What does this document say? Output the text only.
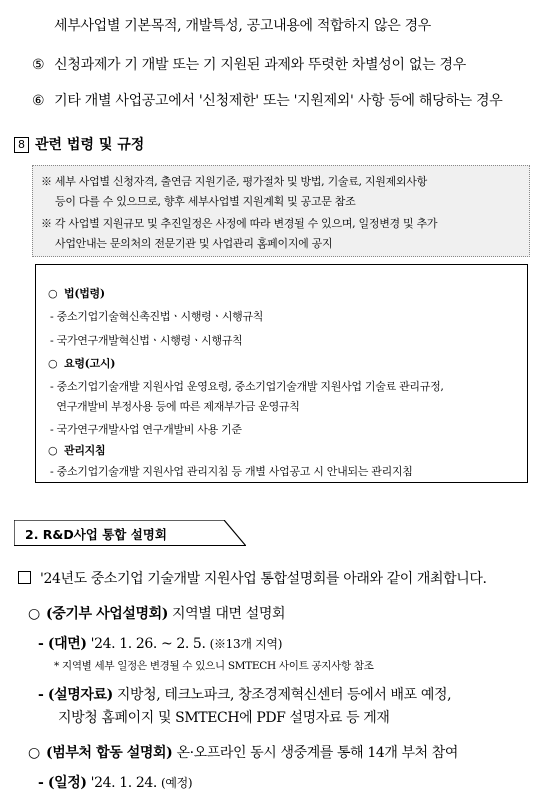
세부사업별 기본목적, 개발특성, 공고내용에 적합하지 않은 경우
⑤ 신청과제가 기 개발 또는 기 지원된 과제와 뚜렷한 차별성이 없는 경우
⑥ 기타 개별 사업공고에서 '신청제한' 또는 '지원제외' 사항 등에 해당하는 경우
8 관련 법령 및 규정
※ 세부 사업별 신청자격, 출연금 지원기준, 평가절차 및 방법, 기술료, 지원제외사항
등이 다를 수 있으므로, 향후 세부사업별 지원계획 및 공고문 참조
※ 각 사업별 지원규모 및 추진일정은 사정에 따라 변경될 수 있으며, 일정변경 및 추가
사업안내는 문의처의 전문기관 및 사업관리 홈페이지에 공지
○ 법(법령)
- 중소기업기술혁신촉진법ㆍ시행령ㆍ시행규칙
- 국가연구개발혁신법ㆍ시행령ㆍ시행규칙
○ 요령(고시)
- 중소기업기술개발 지원사업 운영요령, 중소기업기술개발 지원사업 기술료 관리규정,
연구개발비 부정사용 등에 따른 제재부가금 운영규칙
- 국가연구개발사업 연구개발비 사용 기준
○ 관리지침
- 중소기업기술개발 지원사업 관리지침 등 개별 사업공고 시 안내되는 관리지침
2. R&D사업 통합 설명회
'24년도 중소기업 기술개발 지원사업 통합설명회를 아래와 같이 개최합니다.
○ (중기부 사업설명회) 지역별 대면 설명회
- (대면) '24. 1. 26. ~ 2. 5. (※13개 지역)
* 지역별 세부 일정은 변경될 수 있으니 SMTECH 사이트 공지사항 참조
- (설명자료) 지방청, 테크노파크, 창조경제혁신센터 등에서 배포 예정,
지방청 홈페이지 및 SMTECH에 PDF 설명자료 등 게재
○ (범부처 합동 설명회) 온·오프라인 동시 생중계를 통해 14개 부처 참여
- (일정) '24. 1. 24. (예정)
